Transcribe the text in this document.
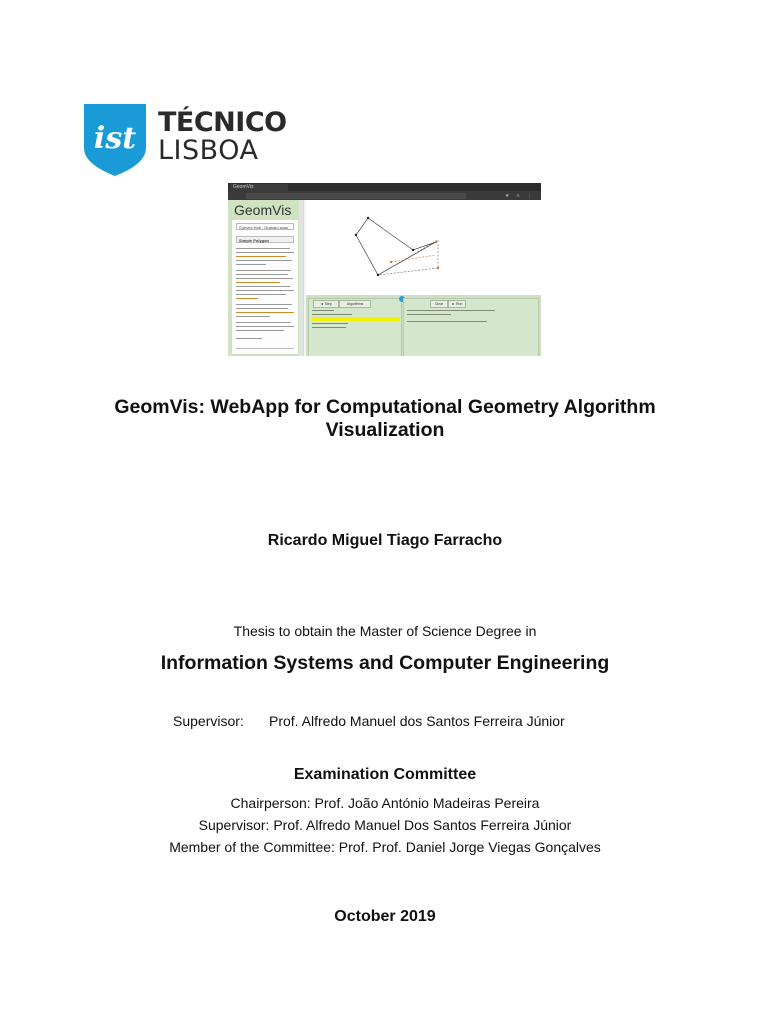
ist TÉCNICO
LISBOA
GeomVis
★ ≡ ⋮
GeomVis
Convex Hull · Graham scan
Simple Polygon
◄ Step	Algorithms	Clear	► Run
GeomVis: WebApp for Computational Geometry Algorithm
Visualization
Ricardo Miguel Tiago Farracho
Thesis to obtain the Master of Science Degree in
Information Systems and Computer Engineering
Supervisor: Prof. Alfredo Manuel dos Santos Ferreira Júnior
Examination Committee
Chairperson: Prof. João António Madeiras Pereira
Supervisor: Prof. Alfredo Manuel Dos Santos Ferreira Júnior
Member of the Committee: Prof. Prof. Daniel Jorge Viegas Gonçalves
October 2019
